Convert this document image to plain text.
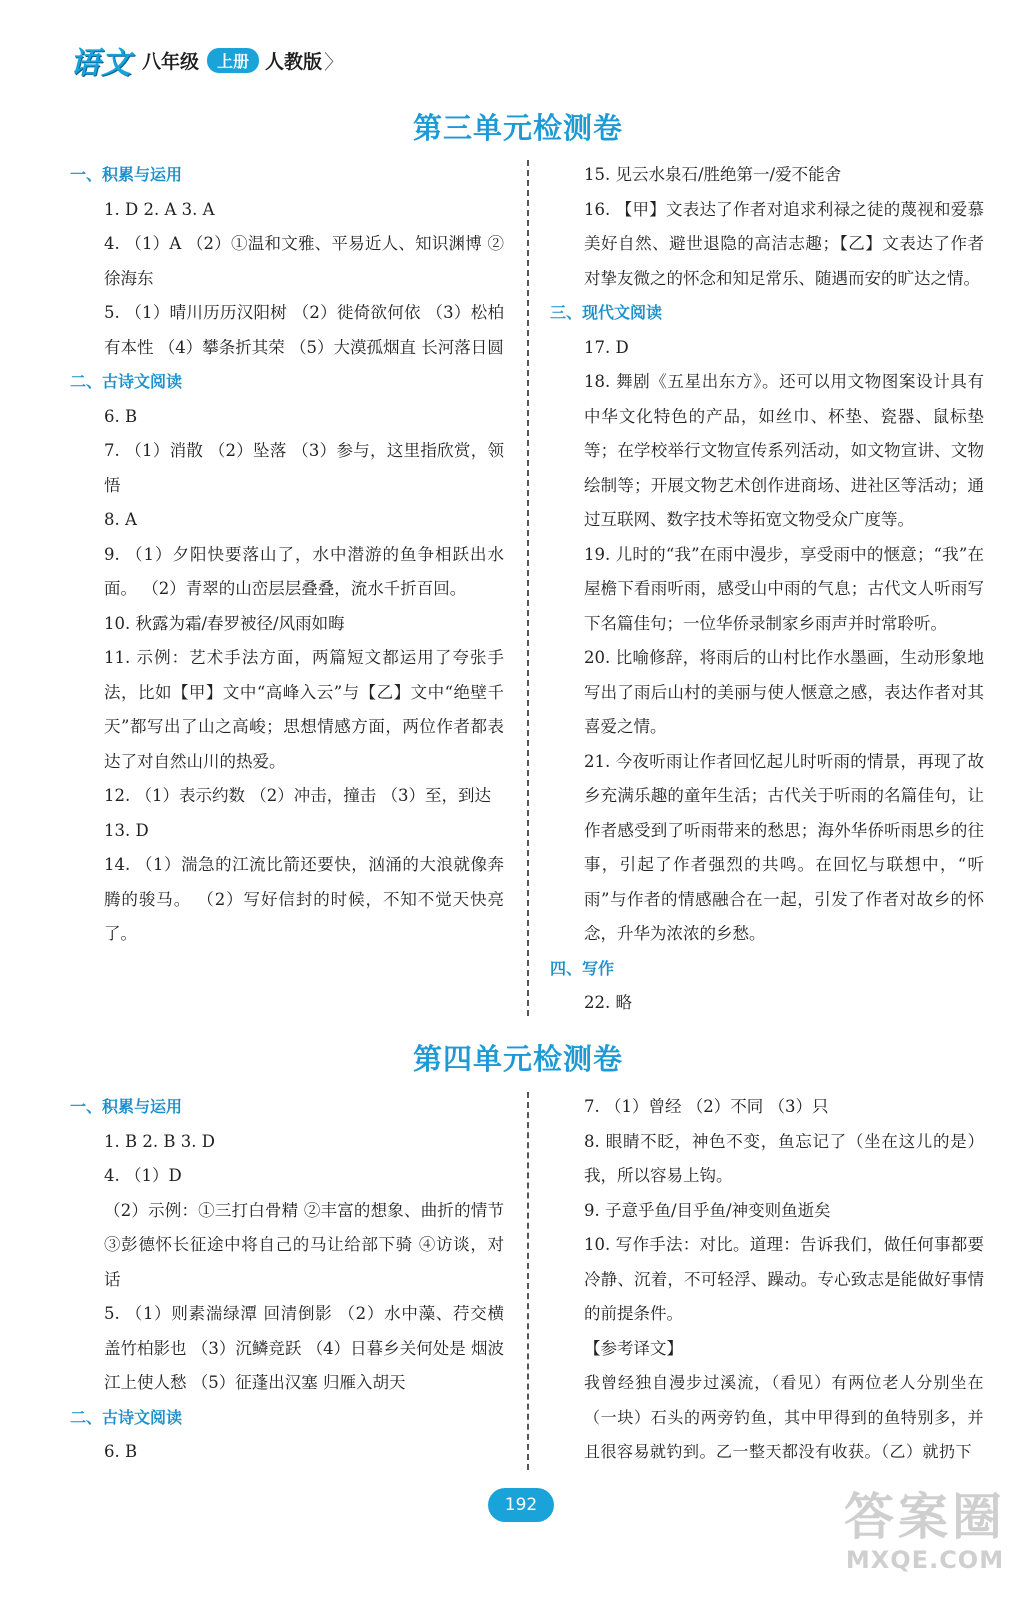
语文 八年级	上册 人教版 〉
第三单元检测卷

一、积累与运用

1. D 2. A 3. A

4. （1）A （2）①温和文雅、平易近人、知识渊博 ②徐海东

5. （1）晴川历历汉阳树 （2）徙倚欲何依 （3）松柏有本性 （4）攀条折其荣 （5）大漠孤烟直 长河落日圆

二、古诗文阅读

6. B

7. （1）消散 （2）坠落 （3）参与，这里指欣赏，领悟

8. A

9. （1）夕阳快要落山了，水中潜游的鱼争相跃出水面。 （2）青翠的山峦层层叠叠，流水千折百回。

10. 秋露为霜/春罗被径/风雨如晦

11. 示例：艺术手法方面，两篇短文都运用了夸张手法，比如【甲】文中“高峰入云”与【乙】文中“绝壁千天”都写出了山之高峻；思想情感方面，两位作者都表达了对自然山川的热爱。

12. （1）表示约数 （2）冲击，撞击 （3）至，到达

13. D

14. （1）湍急的江流比箭还要快，汹涌的大浪就像奔腾的骏马。 （2）写好信封的时候，不知不觉天快亮了。

15. 见云水泉石/胜绝第一/爱不能舍

16. 【甲】文表达了作者对追求利禄之徒的蔑视和爱慕美好自然、避世退隐的高洁志趣；【乙】文表达了作者对挚友微之的怀念和知足常乐、随遇而安的旷达之情。

三、现代文阅读

17. D

18. 舞剧《五星出东方》。还可以用文物图案设计具有中华文化特色的产品，如丝巾、杯垫、瓷器、鼠标垫等；在学校举行文物宣传系列活动，如文物宣讲、文物绘制等；开展文物艺术创作进商场、进社区等活动；通过互联网、数字技术等拓宽文物受众广度等。

19. 儿时的“我”在雨中漫步，享受雨中的惬意；“我”在屋檐下看雨听雨，感受山中雨的气息；古代文人听雨写下名篇佳句；一位华侨录制家乡雨声并时常聆听。

20. 比喻修辞，将雨后的山村比作水墨画，生动形象地写出了雨后山村的美丽与使人惬意之感，表达作者对其喜爱之情。

21. 今夜听雨让作者回忆起儿时听雨的情景，再现了故乡充满乐趣的童年生活；古代关于听雨的名篇佳句，让作者感受到了听雨带来的愁思；海外华侨听雨思乡的往事，引起了作者强烈的共鸣。在回忆与联想中，“听雨”与作者的情感融合在一起，引发了作者对故乡的怀念，升华为浓浓的乡愁。

四、写作

22. 略

第四单元检测卷

一、积累与运用

1. B 2. B 3. D

4. （1）D

（2）示例：①三打白骨精 ②丰富的想象、曲折的情节 ③彭德怀长征途中将自己的马让给部下骑 ④访谈，对话

5. （1）则素湍绿潭 回清倒影 （2）水中藻、荇交横 盖竹柏影也 （3）沉鳞竞跃 （4）日暮乡关何处是 烟波江上使人愁 （5）征蓬出汉塞 归雁入胡天

二、古诗文阅读

6. B

7. （1）曾经 （2）不同 （3）只

8. 眼睛不眨，神色不变，鱼忘记了（坐在这儿的是）我，所以容易上钩。

9. 子意乎鱼/目乎鱼/神变则鱼逝矣

10. 写作手法：对比。道理：告诉我们，做任何事都要冷静、沉着，不可轻浮、躁动。专心致志是能做好事情的前提条件。

【参考译文】

我曾经独自漫步过溪流，（看见）有两位老人分别坐在（一块）石头的两旁钓鱼，其中甲得到的鱼特别多，并且很容易就钓到。乙一整天都没有收获。（乙）就扔下

192	答案圈
MXQE.COM
